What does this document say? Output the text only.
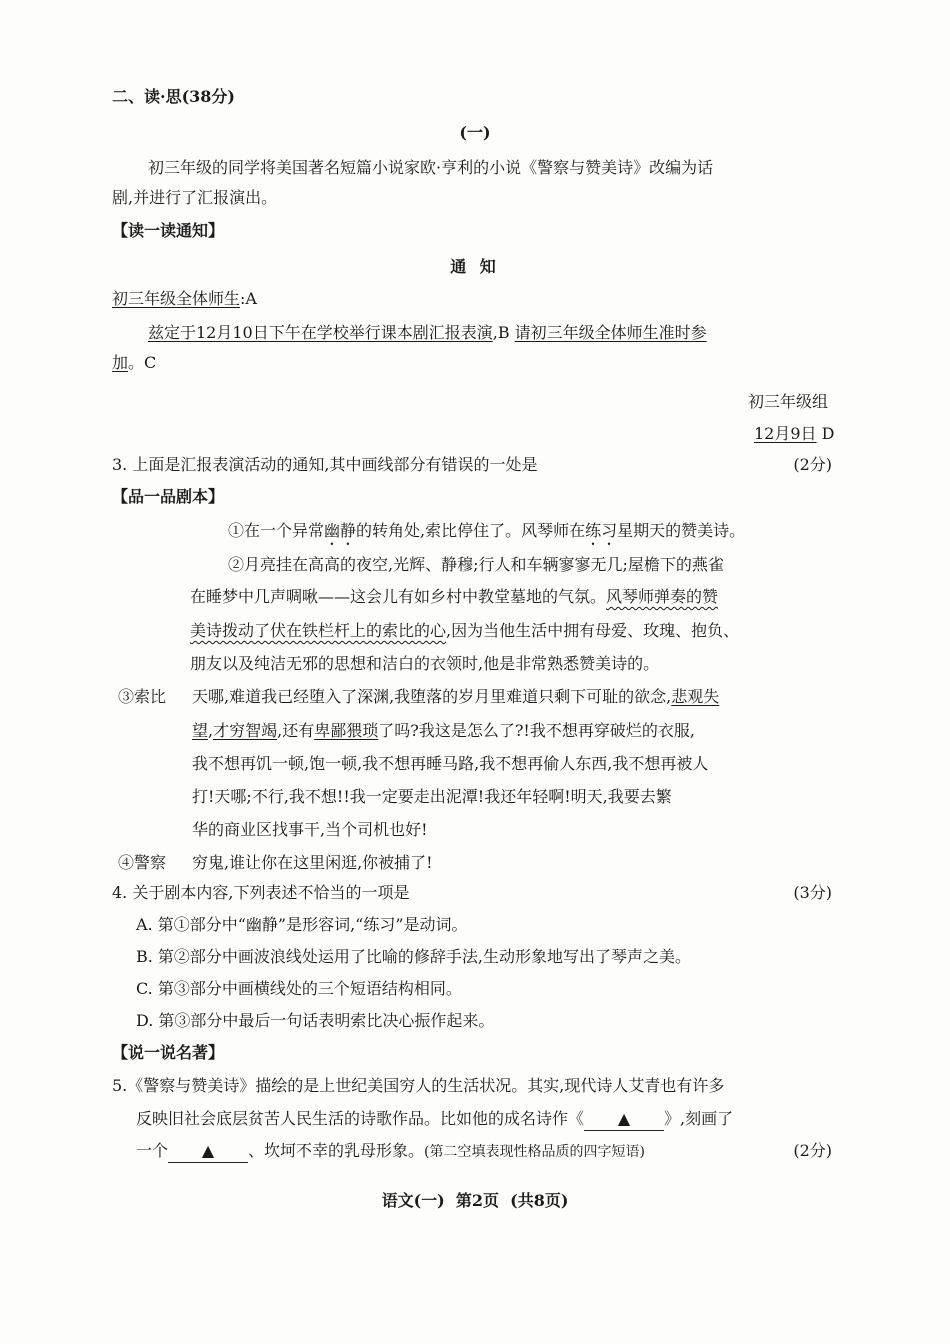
二、读·思(38分)
(一)
初三年级的同学将美国著名短篇小说家欧·亨利的小说《警察与赞美诗》改编为话
剧,并进行了汇报演出。
【读一读通知】
通 知
初三年级全体师生:A
兹定于12月10日下午在学校举行课本剧汇报表演,B 请初三年级全体师生准时参
加。C
初三年级组
12月9日 D
3. 上面是汇报表演活动的通知,其中画线部分有错误的一处是	(2分)
【品一品剧本】
①在一个异常幽静的转角处,索比停住了。风琴师在练习星期天的赞美诗。
②月亮挂在高高的夜空,光辉、静穆;行人和车辆寥寥无几;屋檐下的燕雀
在睡梦中几声啁啾——这会儿有如乡村中教堂墓地的气氛。风琴师弹奏的赞
美诗拨动了伏在铁栏杆上的索比的心,因为当他生活中拥有母爱、玫瑰、抱负、
朋友以及纯洁无邪的思想和洁白的衣领时,他是非常熟悉赞美诗的。
③索比 天哪,难道我已经堕入了深渊,我堕落的岁月里难道只剩下可耻的欲念,悲观失
望,才穷智竭,还有卑鄙猥琐了吗?我这是怎么了?!我不想再穿破烂的衣服,
我不想再饥一顿,饱一顿,我不想再睡马路,我不想再偷人东西,我不想再被人
打!天哪;不行,我不想!!我一定要走出泥潭!我还年轻啊!明天,我要去繁
华的商业区找事干,当个司机也好!
④警察 穷鬼,谁让你在这里闲逛,你被捕了!
4. 关于剧本内容,下列表述不恰当的一项是	(3分)
A. 第①部分中“幽静”是形容词,“练习”是动词。
B. 第②部分中画波浪线处运用了比喻的修辞手法,生动形象地写出了琴声之美。
C. 第③部分中画横线处的三个短语结构相同。
D. 第③部分中最后一句话表明索比决心振作起来。
【说一说名著】
5.《警察与赞美诗》描绘的是上世纪美国穷人的生活状况。其实,现代诗人艾青也有许多
反映旧社会底层贫苦人民生活的诗歌作品。比如他的成名诗作《 ▲ 》,刻画了
一个 ▲ 、坎坷不幸的乳母形象。(第二空填表现性格品质的四字短语)	(2分)
语文(一)  第2页  (共8页)
